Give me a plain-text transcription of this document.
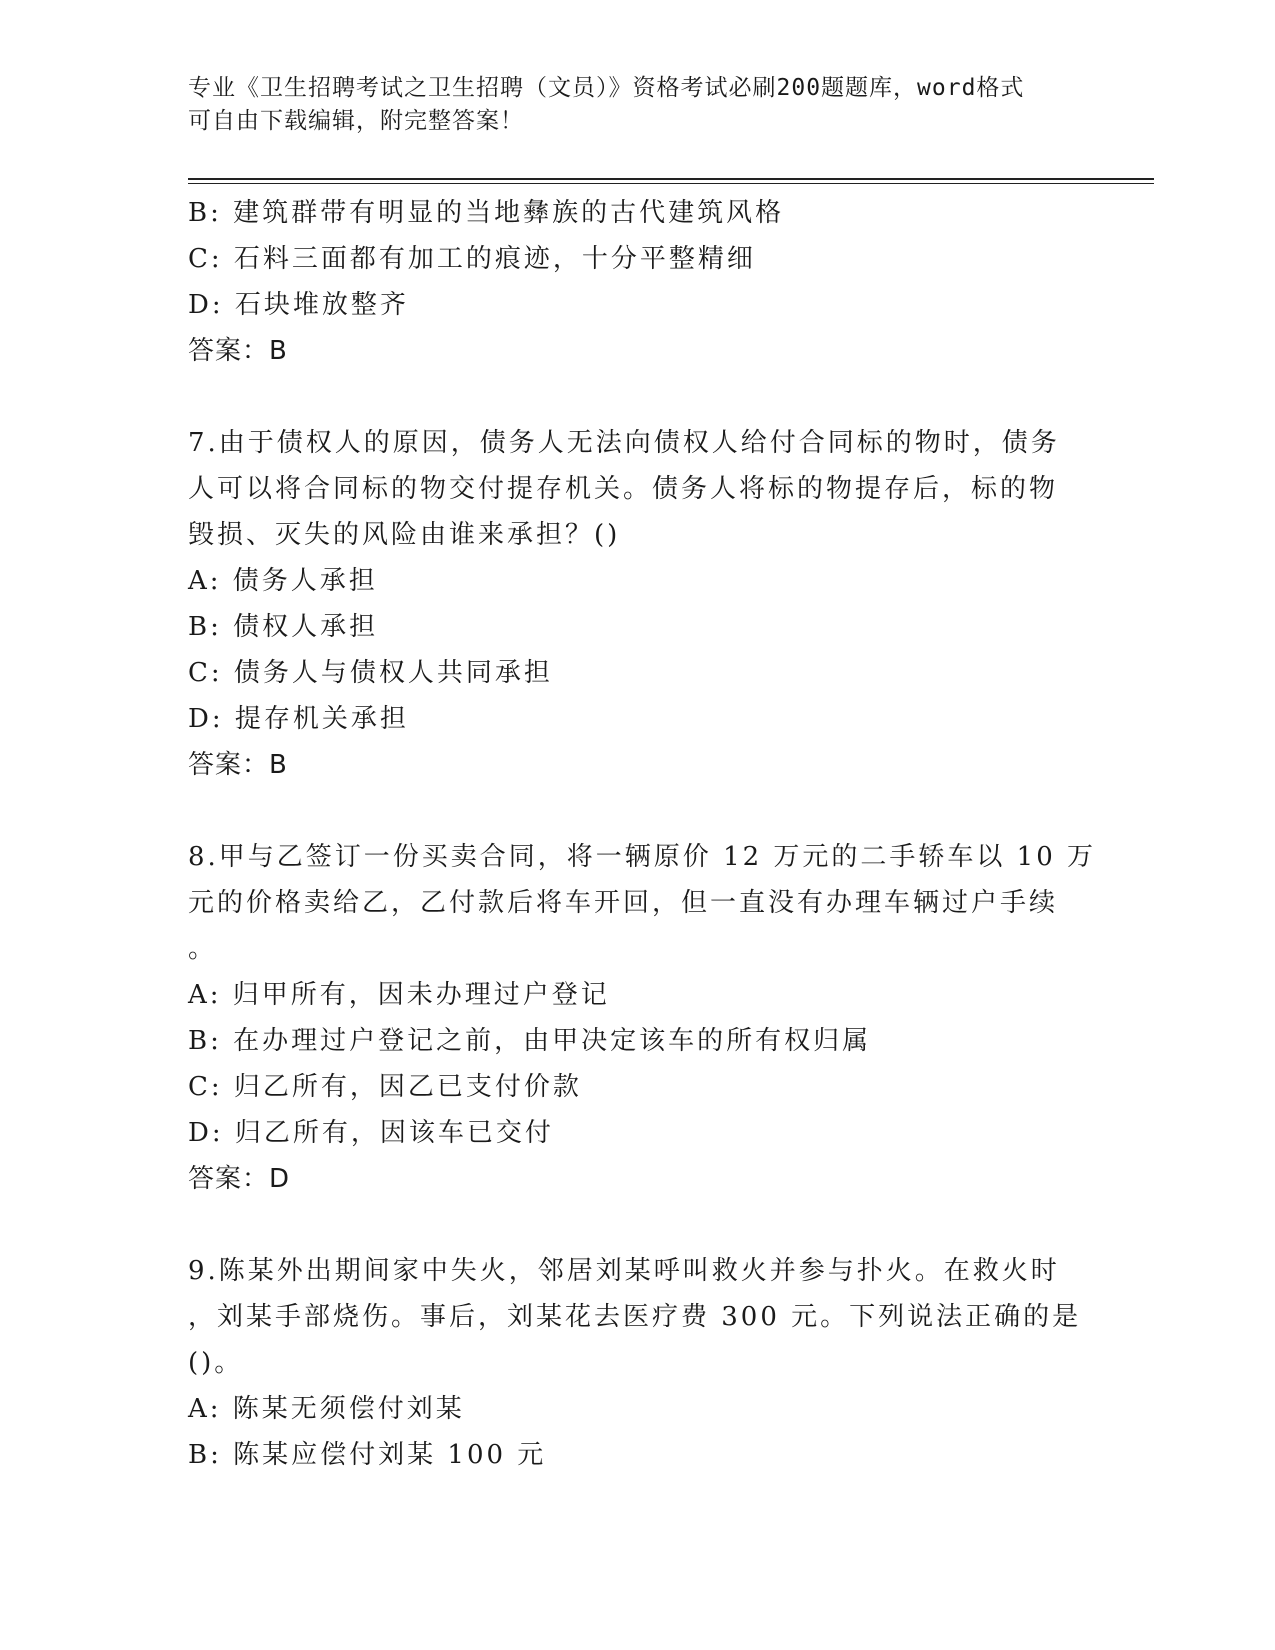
专业《卫生招聘考试之卫生招聘（文员）》资格考试必刷200题题库，word格式
可自由下载编辑，附完整答案！

B: 建筑群带有明显的当地彝族的古代建筑风格

C: 石料三面都有加工的痕迹，十分平整精细

D: 石块堆放整齐

答案：B

7.由于债权人的原因，债务人无法向债权人给付合同标的物时，债务

人可以将合同标的物交付提存机关。债务人将标的物提存后，标的物

毁损、灭失的风险由谁来承担？()

A: 债务人承担

B: 债权人承担

C: 债务人与债权人共同承担

D: 提存机关承担

答案：B

8.甲与乙签订一份买卖合同，将一辆原价 12 万元的二手轿车以 10 万

元的价格卖给乙，乙付款后将车开回，但一直没有办理车辆过户手续

。

A: 归甲所有，因未办理过户登记

B: 在办理过户登记之前，由甲决定该车的所有权归属

C: 归乙所有，因乙已支付价款

D: 归乙所有，因该车已交付

答案：D

9.陈某外出期间家中失火，邻居刘某呼叫救火并参与扑火。在救火时

，刘某手部烧伤。事后，刘某花去医疗费 300 元。下列说法正确的是

()。

A: 陈某无须偿付刘某

B: 陈某应偿付刘某 100 元
